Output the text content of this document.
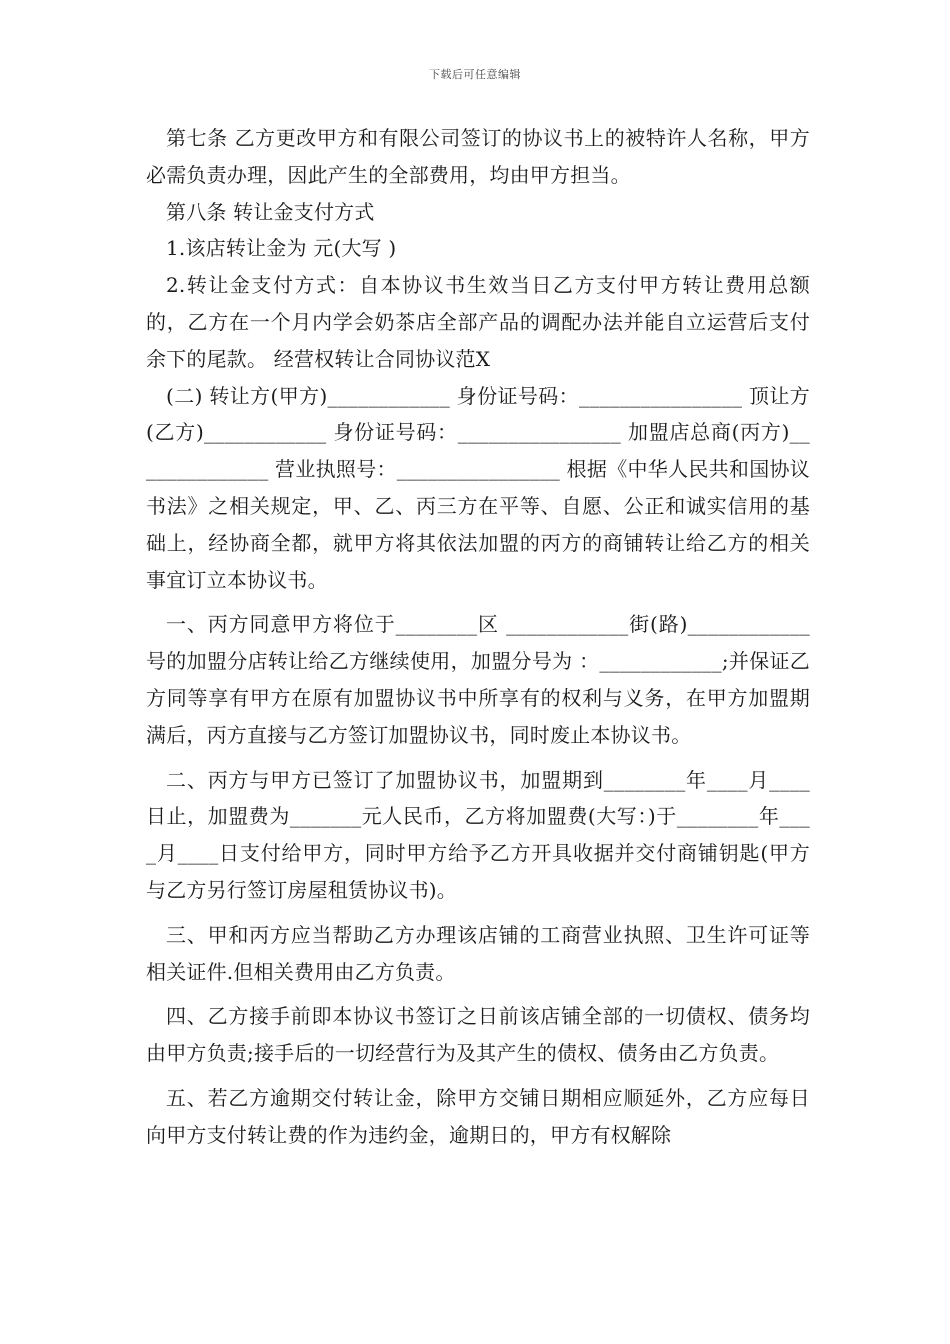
下载后可任意编辑

第七条 乙方更改甲方和有限公司签订的协议书上的被特许人名称，甲方必需负责办理，因此产生的全部费用，均由甲方担当。

第八条 转让金支付方式

1.该店转让金为 元(大写 )

2.转让金支付方式：自本协议书生效当日乙方支付甲方转让费用总额的，乙方在一个月内学会奶茶店全部产品的调配办法并能自立运营后支付余下的尾款。 经营权转让合同协议范X

(二) 转让方(甲方)____________ 身份证号码：________________ 顶让方(乙方)____________ 身份证号码：________________ 加盟店总商(丙方)______________ 营业执照号：________________ 根据《中华人民共和国协议书法》之相关规定，甲、乙、丙三方在平等、自愿、公正和诚实信用的基础上，经协商全都，就甲方将其依法加盟的丙方的商铺转让给乙方的相关事宜订立本协议书。

一、丙方同意甲方将位于________区 ____________街(路)____________号的加盟分店转让给乙方继续使用，加盟分号为 ：____________;并保证乙方同等享有甲方在原有加盟协议书中所享有的权利与义务，在甲方加盟期满后，丙方直接与乙方签订加盟协议书，同时废止本协议书。

二、丙方与甲方已签订了加盟协议书，加盟期到________年____月____日止，加盟费为_______元人民币，乙方将加盟费(大写：)于________年____月____日支付给甲方，同时甲方给予乙方开具收据并交付商铺钥匙(甲方与乙方另行签订房屋租赁协议书)。

三、甲和丙方应当帮助乙方办理该店铺的工商营业执照、卫生许可证等相关证件.但相关费用由乙方负责。

四、乙方接手前即本协议书签订之日前该店铺全部的一切债权、债务均由甲方负责;接手后的一切经营行为及其产生的债权、债务由乙方负责。

五、若乙方逾期交付转让金，除甲方交铺日期相应顺延外，乙方应每日向甲方支付转让费的作为违约金，逾期日的，甲方有权解除
